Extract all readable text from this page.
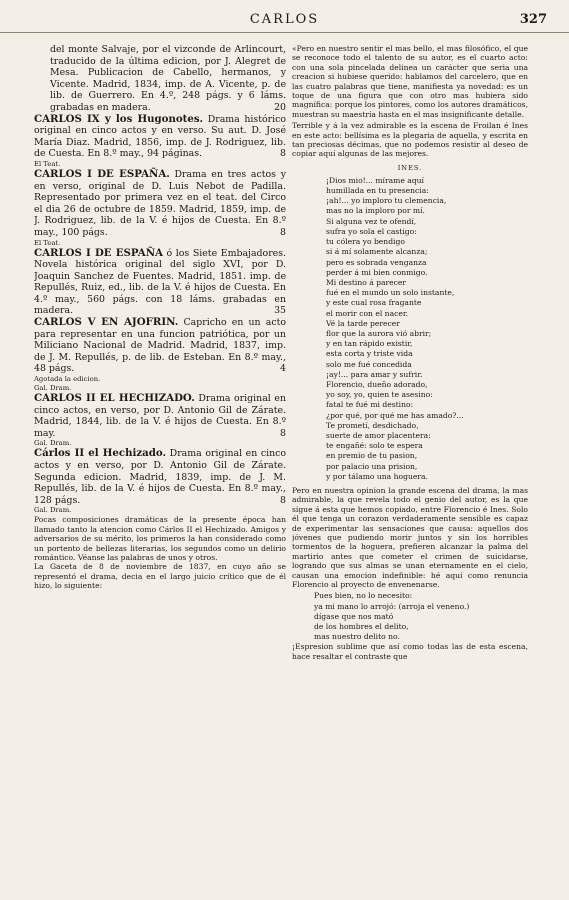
CARLOS	327
del monte Salvaje, por el vizconde de Arlincourt, traducido de la última edicion, por J. Alegret de Mesa. Publicacion de Cabello, hermanos, y Vicente. Madrid, 1834, imp. de A. Vicente, p. de lib. de Guerrero. En 4.º, 248 págs. y 6 láms. grabadas en madera.	20
CARLOS IX y los Hugonotes. Drama histórico original en cinco actos y en verso. Su aut. D. José María Diaz. Madrid, 1856, imp. de J. Rodriguez, lib. de Cuesta. En 8.º may., 94 páginas.	8

El Teat.

CARLOS I DE ESPAÑA. Drama en tres actos y en verso, original de D. Luis Nebot de Padilla. Representado por primera vez en el teat. del Circo el dia 26 de octubre de 1859. Madrid, 1859, imp. de J. Rodriguez, lib. de la V. é hijos de Cuesta. En 8.º may., 100 págs.	8

El Teat.

CARLOS I DE ESPAÑA ó los Siete Embajadores. Novela histórica original del siglo XVI, por D. Joaquin Sanchez de Fuentes. Madrid, 1851. imp. de Repullés, Ruiz, ed., lib. de la V. é hijos de Cuesta. En 4.º may., 560 págs. con 18 láms. grabadas en madera.	35
CARLOS V EN AJOFRIN. Capricho en un acto para representar en una funcion patriótica, por un Miliciano Nacional de Madrid. Madrid, 1837, imp. de J. M. Repullés, p. de lib. de Esteban. En 8.º may., 48 págs.	4

Agotada la edicion.

Gal. Dram.

CARLOS II EL HECHIZADO. Drama original en cinco actos, en verso, por D. Antonio Gil de Zárate. Madrid, 1844, lib. de la V. é hijos de Cuesta. En 8.º may.	8

Gal. Dram.

Cárlos II el Hechizado. Drama original en cinco actos y en verso, por D. Antonio Gil de Zárate. Segunda edicion. Madrid, 1839, imp. de J. M. Repullés, lib. de la V. é hijos de Cuesta. En 8.º may., 128 págs.	8

Gal. Dram.

Pocas composiciones dramáticas de la presente época han llamado tanto la atencion como Cárlos II el Hechizado. Amigos y adversarios de su mérito, los primeros la han considerado como un portento de bellezas literarias, los segundos como un delirio romántico. Véanse las palabras de unos y otros.

La Gaceta de 8 de noviembre de 1837, en cuyo año se representó el drama, decia en el largo juicio crítico que de él hizo, lo siguiente:

«Pero en nuestro sentir el mas bello, el mas filosófico, el que se reconoce todo el talento de su autor, es el cuarto acto: con una sola pincelada delinea un carácter que seria una creacion si hubiese querido: hablamos del carcelero, que en las cuatro palabras que tiene, manifiesta ya novedad: es un toque de una figura que con otro mas hubiera sido magnífica: porque los pintores, como los autores dramáticos, muestran su maestría hasta en el mas insignificante detalle.

Terrible y á la vez admirable es la escena de Froilan é Ines en este acto: bellísima es la plegaria de aquella, y escrita en tan preciosas décimas, que no podemos resistir al deseo de copiar aquí algunas de las mejores.

INES.
¡Dios mio!... mírame aquí
humillada en tu presencia:
¡ah!... yo imploro tu clemencia,
mas no la imploro por mí.
Si alguna vez te ofendí,
sufra yo sola el castigo:
tu cólera yo bendigo
si á mí solamente alcanza;
pero es sobrada venganza
perder á mi bien conmigo.
Mi destino á parecer
fué en el mundo un solo instante,
y este cual rosa fragante
el morir con el nacer.
Vé la tarde perecer
flor que la aurora vió abrir;
y en tan rápido existir,
esta corta y triste vida
solo me fué concedida
¡ay!... para amar y sufrir.
Florencio, dueño adorado,
yo soy, yo, quien te asesino:
fatal te fué mi destino:
¿por qué, por qué me has amado?...
Te prometí, desdichado,
suerte de amor placentera:
te engañé: solo te espera
en premio de tu pasion,
por palacio una prision,
y por tálamo una hoguera.

Pero en nuestra opinion la grande escena del drama, la mas admirable, la que revela todo el genio del autor, es la que sigue á esta que hemos copiado, entre Florencio é Ines. Solo él que tenga un corazon verdaderamente sensible es capaz de experimentar las sensaciones que causa: aquellos dos jóvenes que pudiendo morir juntos y sin los horribles tormentos de la hoguera, prefieren alcanzar la palma del martirio antes que cometer el crimen de suicidarse, logrando que sus almas se unan eternamente en el cielo, causan una emocion indefinible: hé aquí como renuncia Florencio al proyecto de envenenarse.

Pues bien, no lo necesito:
ya mi mano lo arrojó: (arroja el veneno.)
dígase que nos mató
de los hombres el delito,
mas nuestro delito no.

¡Espresion sublime que así como todas las de esta escena, hace resaltar el contraste que
